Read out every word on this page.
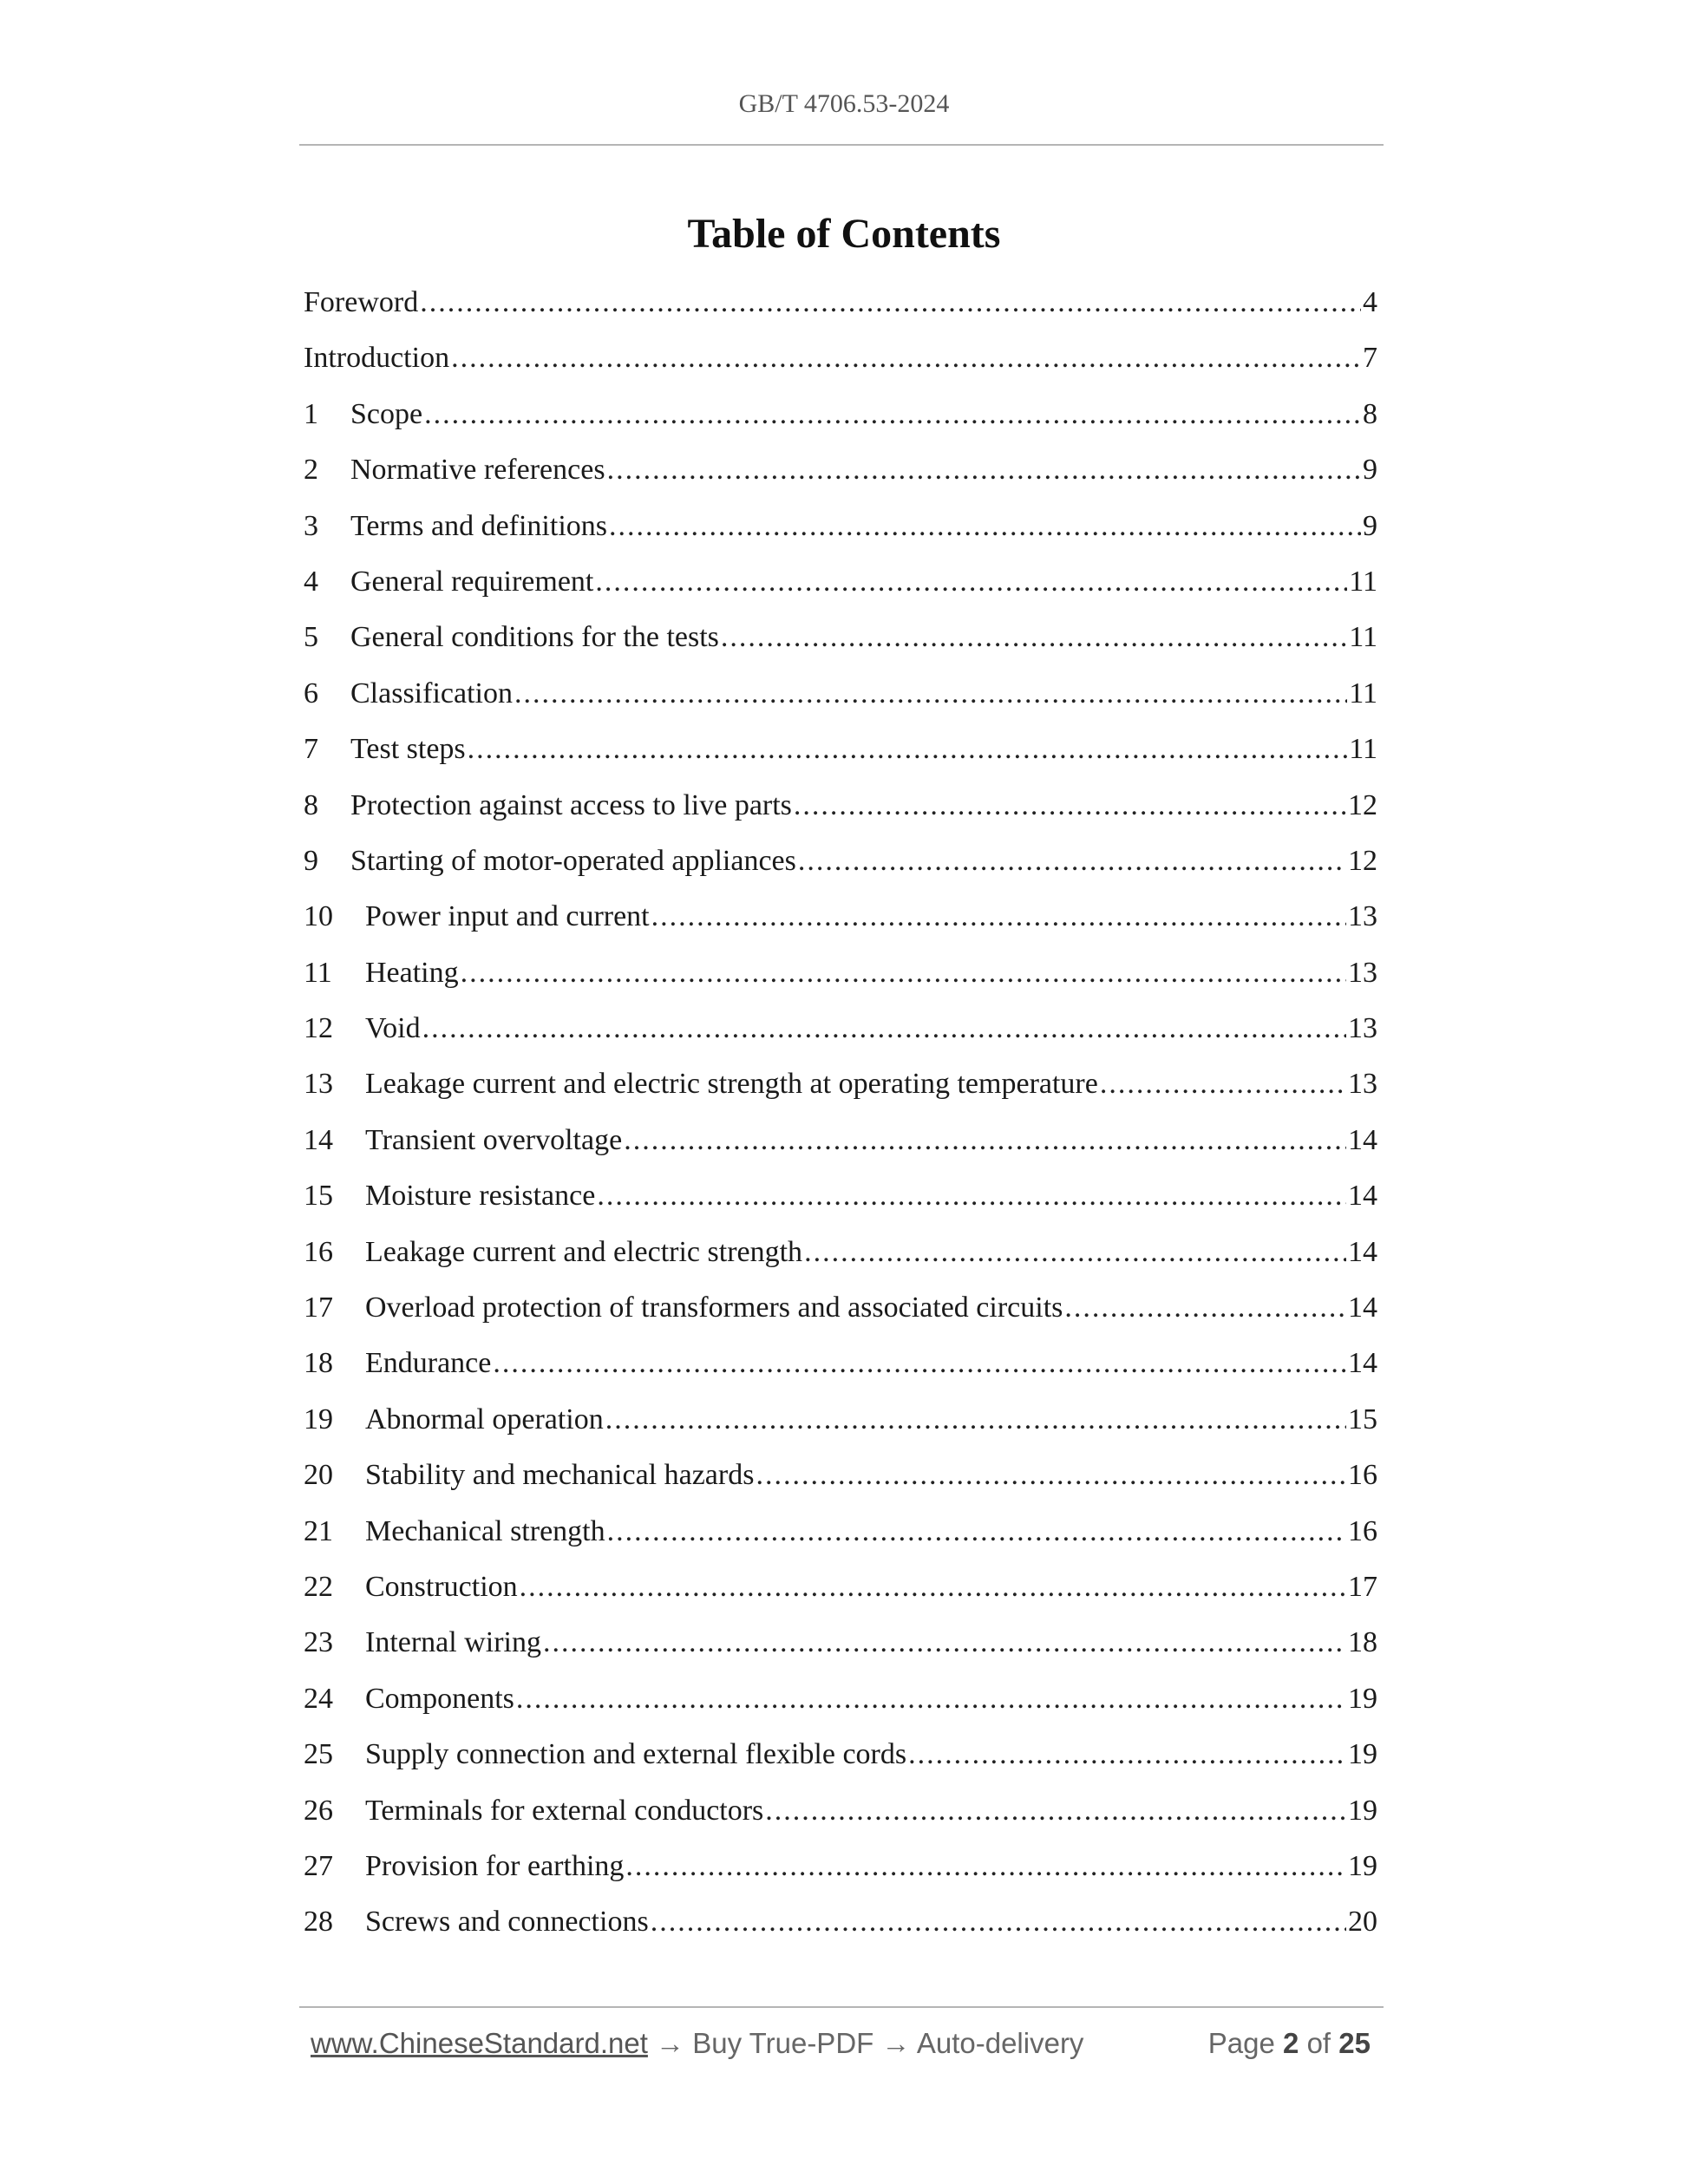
GB/T 4706.53-2024
Table of Contents
Foreword .....	4
Introduction .....	7
1	Scope .....	8
2	Normative references .....	9
3	Terms and definitions .....	9
4	General requirement .....	11
5	General conditions for the tests .....	11
6	Classification .....	11
7	Test steps .....	11
8	Protection against access to live parts .....	12
9	Starting of motor-operated appliances .....	12
10	Power input and current .....	13
11	Heating .....	13
12	Void .....	13
13	Leakage current and electric strength at operating temperature .....	13
14	Transient overvoltage .....	14
15	Moisture resistance .....	14
16	Leakage current and electric strength .....	14
17	Overload protection of transformers and associated circuits .....	14
18	Endurance .....	14
19	Abnormal operation .....	15
20	Stability and mechanical hazards .....	16
21	Mechanical strength .....	16
22	Construction .....	17
23	Internal wiring .....	18
24	Components .....	19
25	Supply connection and external flexible cords .....	19
26	Terminals for external conductors .....	19
27	Provision for earthing .....	19
28	Screws and connections .....	20
www.ChineseStandard.net → Buy True-PDF → Auto-delivery	Page 2 of 25
